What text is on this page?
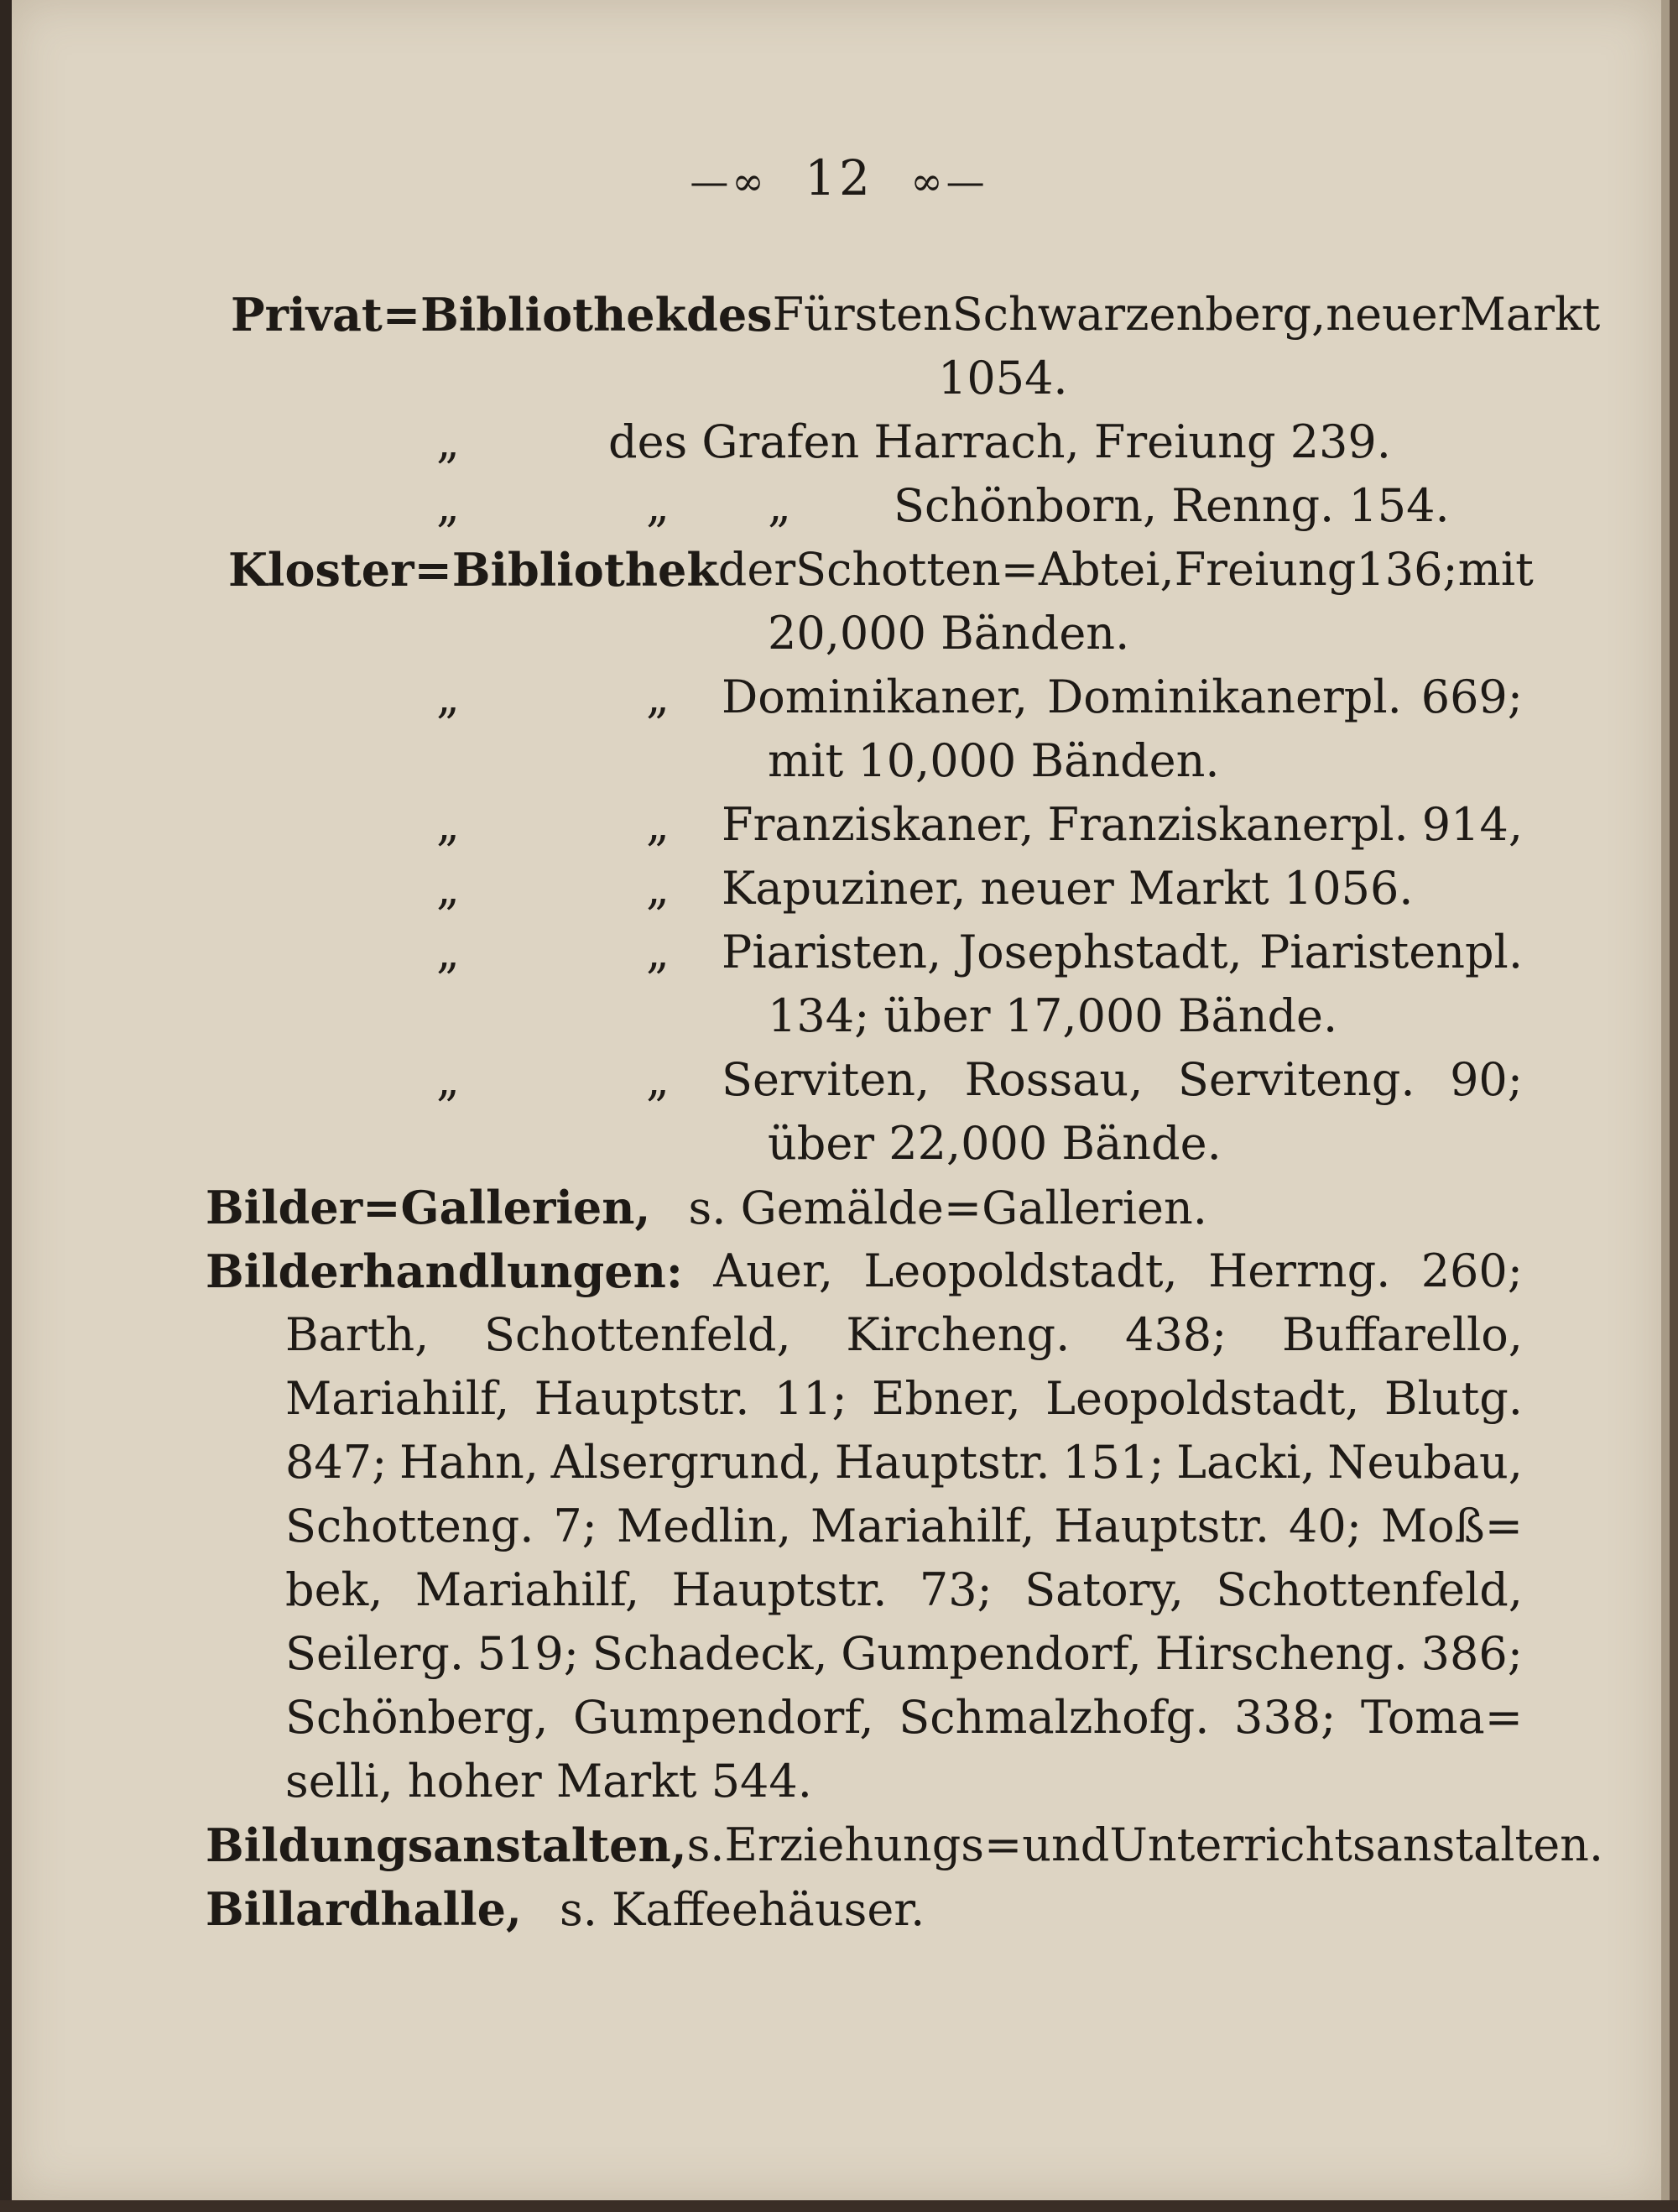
—∞ 12 ∞—
Privat=Bibliothek des Fürsten Schwarzenberg, neuer Markt
1054.
„	des Grafen Harrach, Freiung 239.
„	„ „ Schönborn, Renng. 154.
Kloster=Bibliothek der Schotten=Abtei, Freiung 136; mit
20,000 Bänden.
„	„ Dominikaner, Dominikanerpl. 669;
mit 10,000 Bänden.
„	„ Franziskaner, Franziskanerpl. 914,
„	„ Kapuziner, neuer Markt 1056.
„	„ Piaristen, Josephstadt, Piaristenpl.
134; über 17,000 Bände.
„	„ Serviten, Rossau, Serviteng. 90;
über 22,000 Bände.
Bilder=Gallerien, s. Gemälde=Gallerien.
Bilderhandlungen: Auer, Leopoldstadt, Herrng. 260;
Barth, Schottenfeld, Kircheng. 438; Buffarello,
Mariahilf, Hauptstr. 11; Ebner, Leopoldstadt, Blutg.
847; Hahn, Alsergrund, Hauptstr. 151; Lacki, Neubau,
Schotteng. 7; Medlin, Mariahilf, Hauptstr. 40; Moß=
bek, Mariahilf, Hauptstr. 73; Satory, Schottenfeld,
Seilerg. 519; Schadeck, Gumpendorf, Hirscheng. 386;
Schönberg, Gumpendorf, Schmalzhofg. 338; Toma=
selli, hoher Markt 544.
Bildungsanstalten, s. Erziehungs= und Unterrichtsanstalten.
Billardhalle, s. Kaffeehäuser.
